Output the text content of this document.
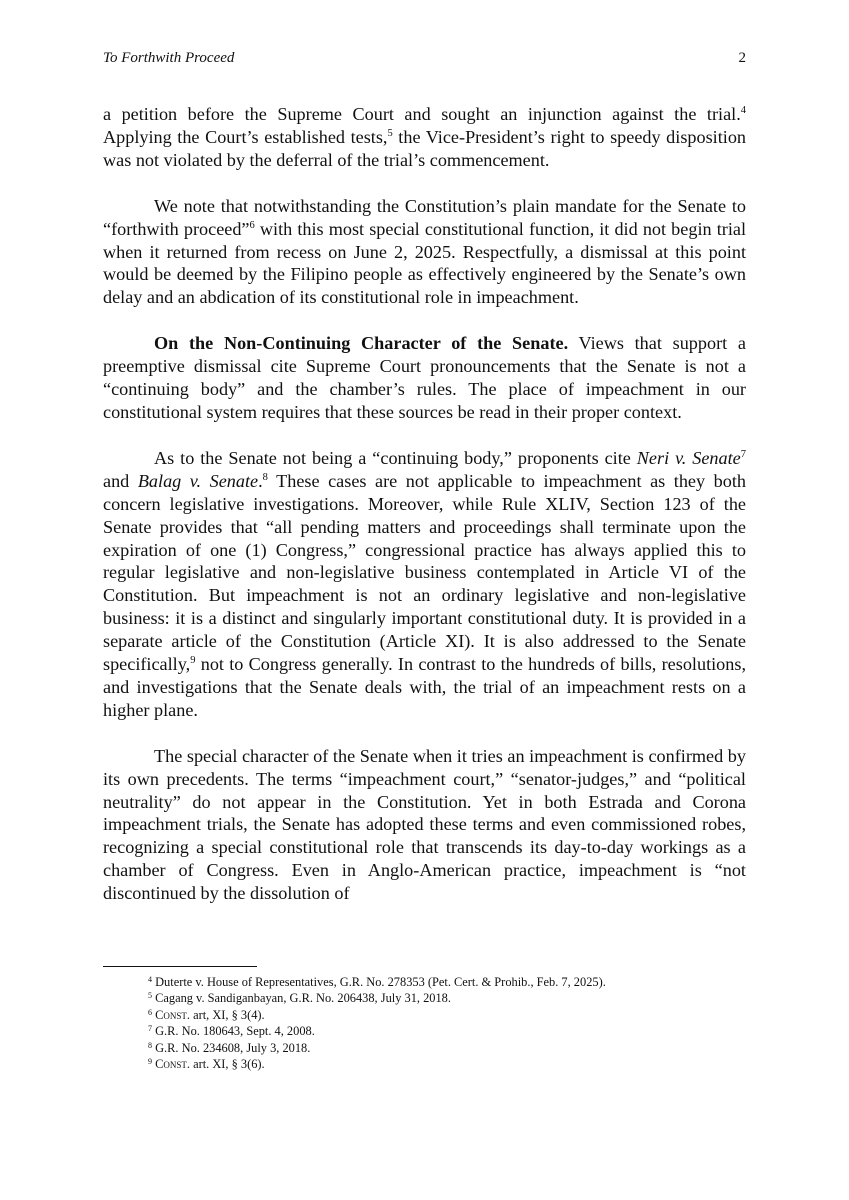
To Forthwith Proceed	2

a petition before the Supreme Court and sought an injunction against the trial.$^4$ Applying the Court’s established tests,$^5$ the Vice-President’s right to speedy disposition was not violated by the deferral of the trial’s commencement.

We note that notwithstanding the Constitution’s plain mandate for the Senate to “forthwith proceed”$^6$ with this most special constitutional function, it did not begin trial when it returned from recess on June 2, 2025. Respectfully, a dismissal at this point would be deemed by the Filipino people as effectively engineered by the Senate’s own delay and an abdication of its constitutional role in impeachment.

On the Non-Continuing Character of the Senate. Views that support a preemptive dismissal cite Supreme Court pronouncements that the Senate is not a “continuing body” and the chamber’s rules. The place of impeachment in our constitutional system requires that these sources be read in their proper context.

As to the Senate not being a “continuing body,” proponents cite Neri v. Senate$^7$ and Balag v. Senate.$^8$ These cases are not applicable to impeachment as they both concern legislative investigations. Moreover, while Rule XLIV, Section 123 of the Senate provides that “all pending matters and proceedings shall terminate upon the expiration of one (1) Congress,” congressional practice has always applied this to regular legislative and non-legislative business contemplated in Article VI of the Constitution. But impeachment is not an ordinary legislative and non-legislative business: it is a distinct and singularly important constitutional duty. It is provided in a separate article of the Constitution (Article XI). It is also addressed to the Senate specifically,$^9$ not to Congress generally. In contrast to the hundreds of bills, resolutions, and investigations that the Senate deals with, the trial of an impeachment rests on a higher plane.

The special character of the Senate when it tries an impeachment is confirmed by its own precedents. The terms “impeachment court,” “senator-judges,” and “political neutrality” do not appear in the Constitution. Yet in both Estrada and Corona impeachment trials, the Senate has adopted these terms and even commissioned robes, recognizing a special constitutional role that transcends its day-to-day workings as a chamber of Congress. Even in Anglo-American practice, impeachment is “not discontinued by the dissolution of

$^4$ Duterte v. House of Representatives, G.R. No. 278353 (Pet. Cert. & Prohib., Feb. 7, 2025).

$^5$ Cagang v. Sandiganbayan, G.R. No. 206438, July 31, 2018.

$^6$ Const. art, XI, § 3(4).

$^7$ G.R. No. 180643, Sept. 4, 2008.

$^8$ G.R. No. 234608, July 3, 2018.

$^9$ Const. art. XI, § 3(6).
